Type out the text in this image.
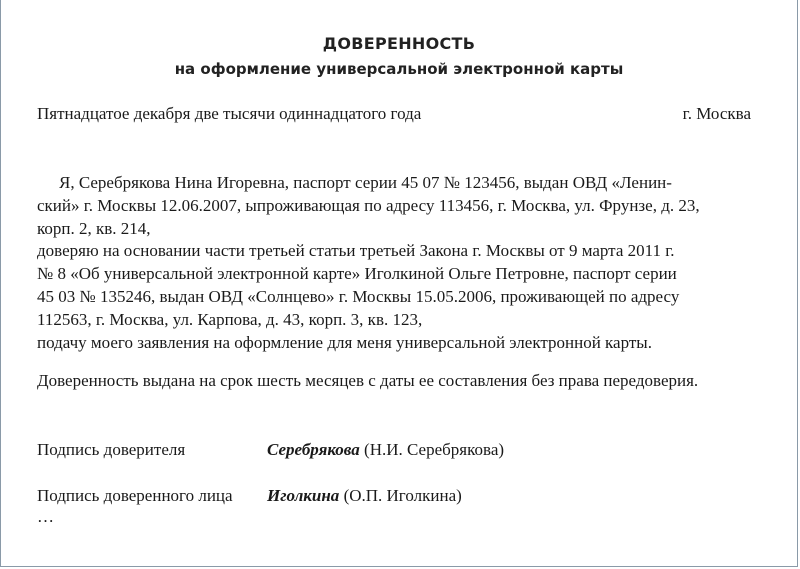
ДОВЕРЕННОСТЬ
на оформление универсальной электронной карты
Пятнадцатое декабря две тысячи одиннадцатого года	г. Москва
Я, Серебрякова Нина Игоревна, паспорт серии 45 07 № 123456, выдан ОВД «Ленин-
ский» г. Москвы 12.06.2007, ыпроживающая по адресу 113456, г. Москва, ул. Фрунзе, д. 23,
корп. 2, кв. 214,
доверяю на основании части третьей статьи третьей Закона г. Москвы от 9 марта 2011 г.
№ 8 «Об универсальной электронной карте» Иголкиной Ольге Петровне, паспорт серии
45 03 № 135246, выдан ОВД «Солнцево» г. Москвы 15.05.2006, проживающей по адресу
112563, г. Москва, ул. Карпова, д. 43, корп. 3, кв. 123,
подачу моего заявления на оформление для меня универсальной электронной карты.
Доверенность выдана на срок шесть месяцев с даты ее составления без права передоверия.
Подпись доверителя	Серебрякова (Н.И. Серебрякова)
Подпись доверенного лица Иголкина (О.П. Иголкина)
…
